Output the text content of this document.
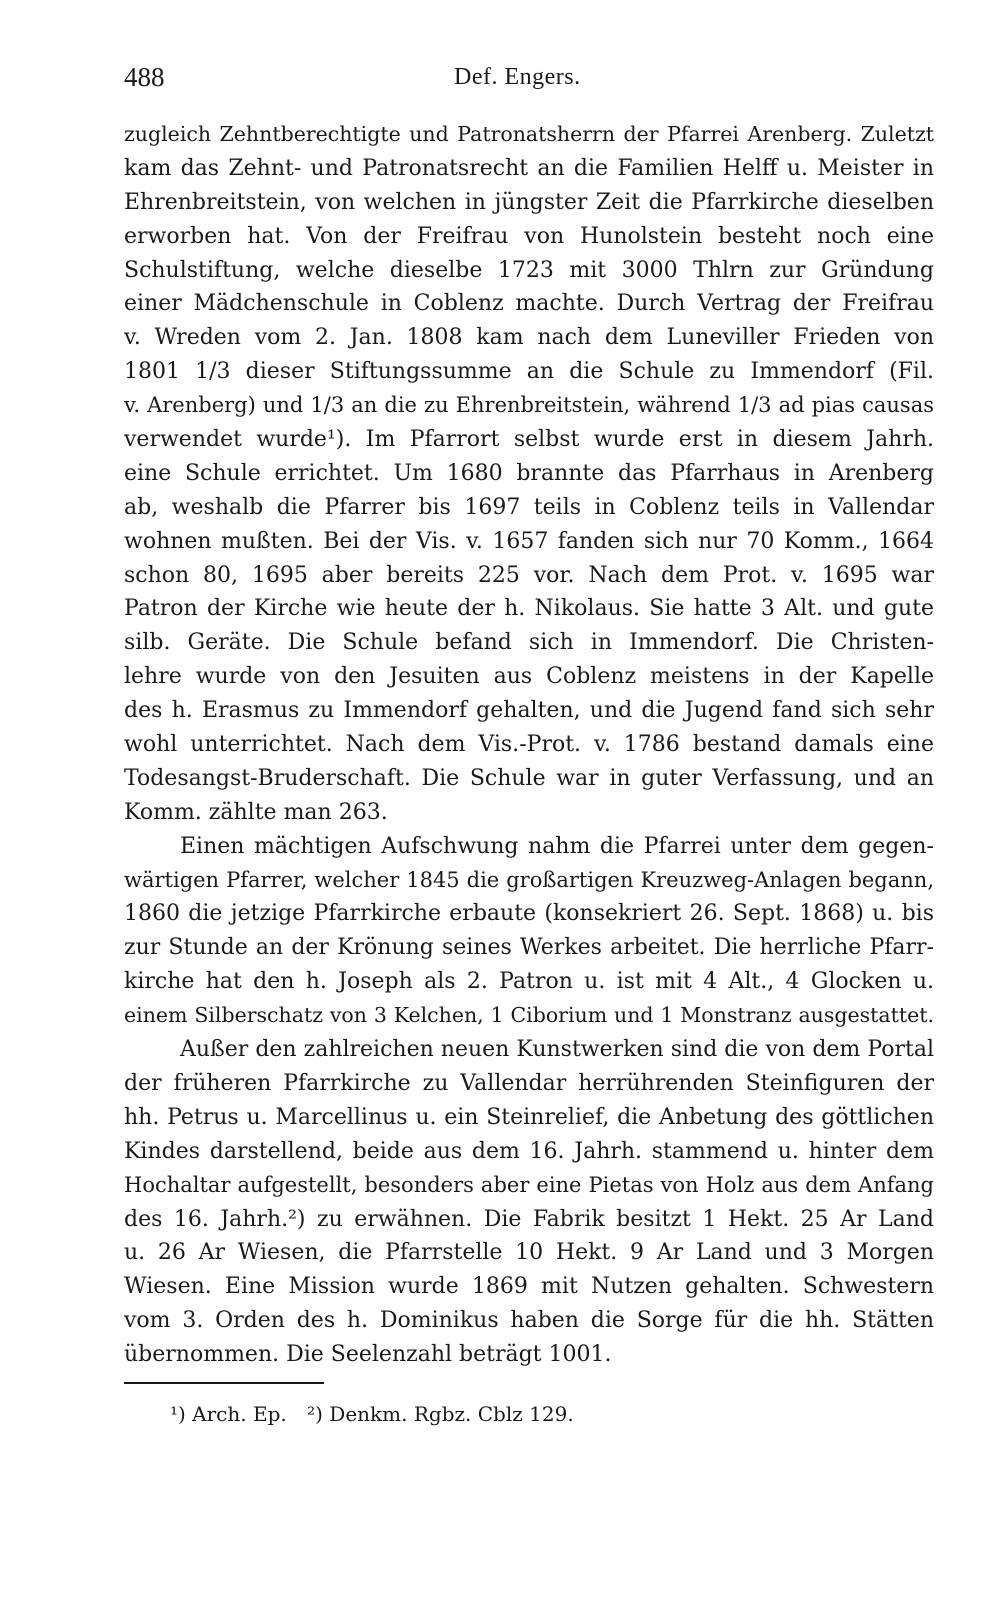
488	Def. Engers.
zugleich Zehntberechtigte und Patronatsherrn der Pfarrei Arenberg. Zuletzt
kam das Zehnt- und Patronatsrecht an die Familien Helff u. Meister in
Ehrenbreitstein, von welchen in jüngster Zeit die Pfarrkirche dieselben
erworben hat. Von der Freifrau von Hunolstein besteht noch eine
Schulstiftung, welche dieselbe 1723 mit 3000 Thlrn zur Gründung
einer Mädchenschule in Coblenz machte. Durch Vertrag der Freifrau
v. Wreden vom 2. Jan. 1808 kam nach dem Luneviller Frieden von
1801 1/3 dieser Stiftungssumme an die Schule zu Immendorf (Fil.
v. Arenberg) und 1/3 an die zu Ehrenbreitstein, während 1/3 ad pias causas
verwendet wurde¹). Im Pfarrort selbst wurde erst in diesem Jahrh.
eine Schule errichtet. Um 1680 brannte das Pfarrhaus in Arenberg
ab, weshalb die Pfarrer bis 1697 teils in Coblenz teils in Vallendar
wohnen mußten. Bei der Vis. v. 1657 fanden sich nur 70 Komm., 1664
schon 80, 1695 aber bereits 225 vor. Nach dem Prot. v. 1695 war
Patron der Kirche wie heute der h. Nikolaus. Sie hatte 3 Alt. und gute
silb. Geräte. Die Schule befand sich in Immendorf. Die Christen-
lehre wurde von den Jesuiten aus Coblenz meistens in der Kapelle
des h. Erasmus zu Immendorf gehalten, und die Jugend fand sich sehr
wohl unterrichtet. Nach dem Vis.-Prot. v. 1786 bestand damals eine
Todesangst-Bruderschaft. Die Schule war in guter Verfassung, und an
Komm. zählte man 263.
Einen mächtigen Aufschwung nahm die Pfarrei unter dem gegen-
wärtigen Pfarrer, welcher 1845 die großartigen Kreuzweg-Anlagen begann,
1860 die jetzige Pfarrkirche erbaute (konsekriert 26. Sept. 1868) u. bis
zur Stunde an der Krönung seines Werkes arbeitet. Die herrliche Pfarr-
kirche hat den h. Joseph als 2. Patron u. ist mit 4 Alt., 4 Glocken u.
einem Silberschatz von 3 Kelchen, 1 Ciborium und 1 Monstranz ausgestattet.
Außer den zahlreichen neuen Kunstwerken sind die von dem Portal
der früheren Pfarrkirche zu Vallendar herrührenden Steinfiguren der
hh. Petrus u. Marcellinus u. ein Steinrelief, die Anbetung des göttlichen
Kindes darstellend, beide aus dem 16. Jahrh. stammend u. hinter dem
Hochaltar aufgestellt, besonders aber eine Pietas von Holz aus dem Anfang
des 16. Jahrh.²) zu erwähnen. Die Fabrik besitzt 1 Hekt. 25 Ar Land
u. 26 Ar Wiesen, die Pfarrstelle 10 Hekt. 9 Ar Land und 3 Morgen
Wiesen. Eine Mission wurde 1869 mit Nutzen gehalten. Schwestern
vom 3. Orden des h. Dominikus haben die Sorge für die hh. Stätten
übernommen. Die Seelenzahl beträgt 1001.
¹) Arch. Ep. ²) Denkm. Rgbz. Cblz 129.
